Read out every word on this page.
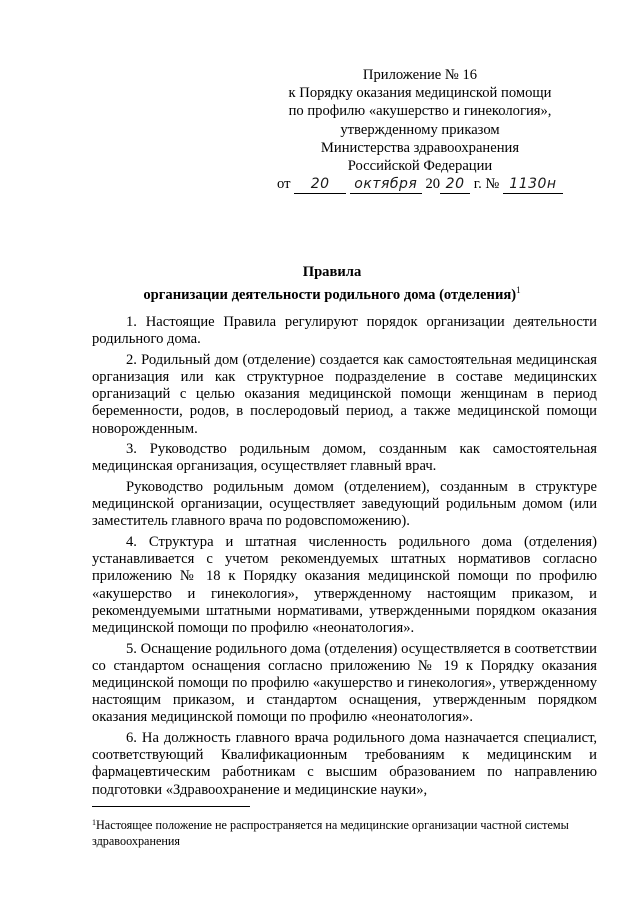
Приложение № 16
к Порядку оказания медицинской помощи
по профилю «акушерство и гинекология»,
утвержденному приказом
Министерства здравоохранения
Российской Федерации
от 20 октября 20 20 г. № 1130н
Правила
организации деятельности родильного дома (отделения)$^1$

1. Настоящие Правила регулируют порядок организации деятельности родильного дома.

2. Родильный дом (отделение) создается как самостоятельная медицинская организация или как структурное подразделение в составе медицинских организаций с целью оказания медицинской помощи женщинам в период беременности, родов, в послеродовый период, а также медицинской помощи новорожденным.

3. Руководство родильным домом, созданным как самостоятельная медицинская организация, осуществляет главный врач.

Руководство родильным домом (отделением), созданным в структуре медицинской организации, осуществляет заведующий родильным домом (или заместитель главного врача по родовспоможению).

4. Структура и штатная численность родильного дома (отделения) устанавливается с учетом рекомендуемых штатных нормативов согласно приложению № 18 к Порядку оказания медицинской помощи по профилю «акушерство и гинекология», утвержденному настоящим приказом, и рекомендуемыми штатными нормативами, утвержденными порядком оказания медицинской помощи по профилю «неонатология».

5. Оснащение родильного дома (отделения) осуществляется в соответствии со стандартом оснащения согласно приложению № 19 к Порядку оказания медицинской помощи по профилю «акушерство и гинекология», утвержденному настоящим приказом, и стандартом оснащения, утвержденным порядком оказания медицинской помощи по профилю «неонатология».

6. На должность главного врача родильного дома назначается специалист, соответствующий Квалификационным требованиям к медицинским и фармацевтическим работникам с высшим образованием по направлению подготовки «Здравоохранение и медицинские науки»,

$^1$Настоящее положение не распространяется на медицинские организации частной системы здравоохранения
